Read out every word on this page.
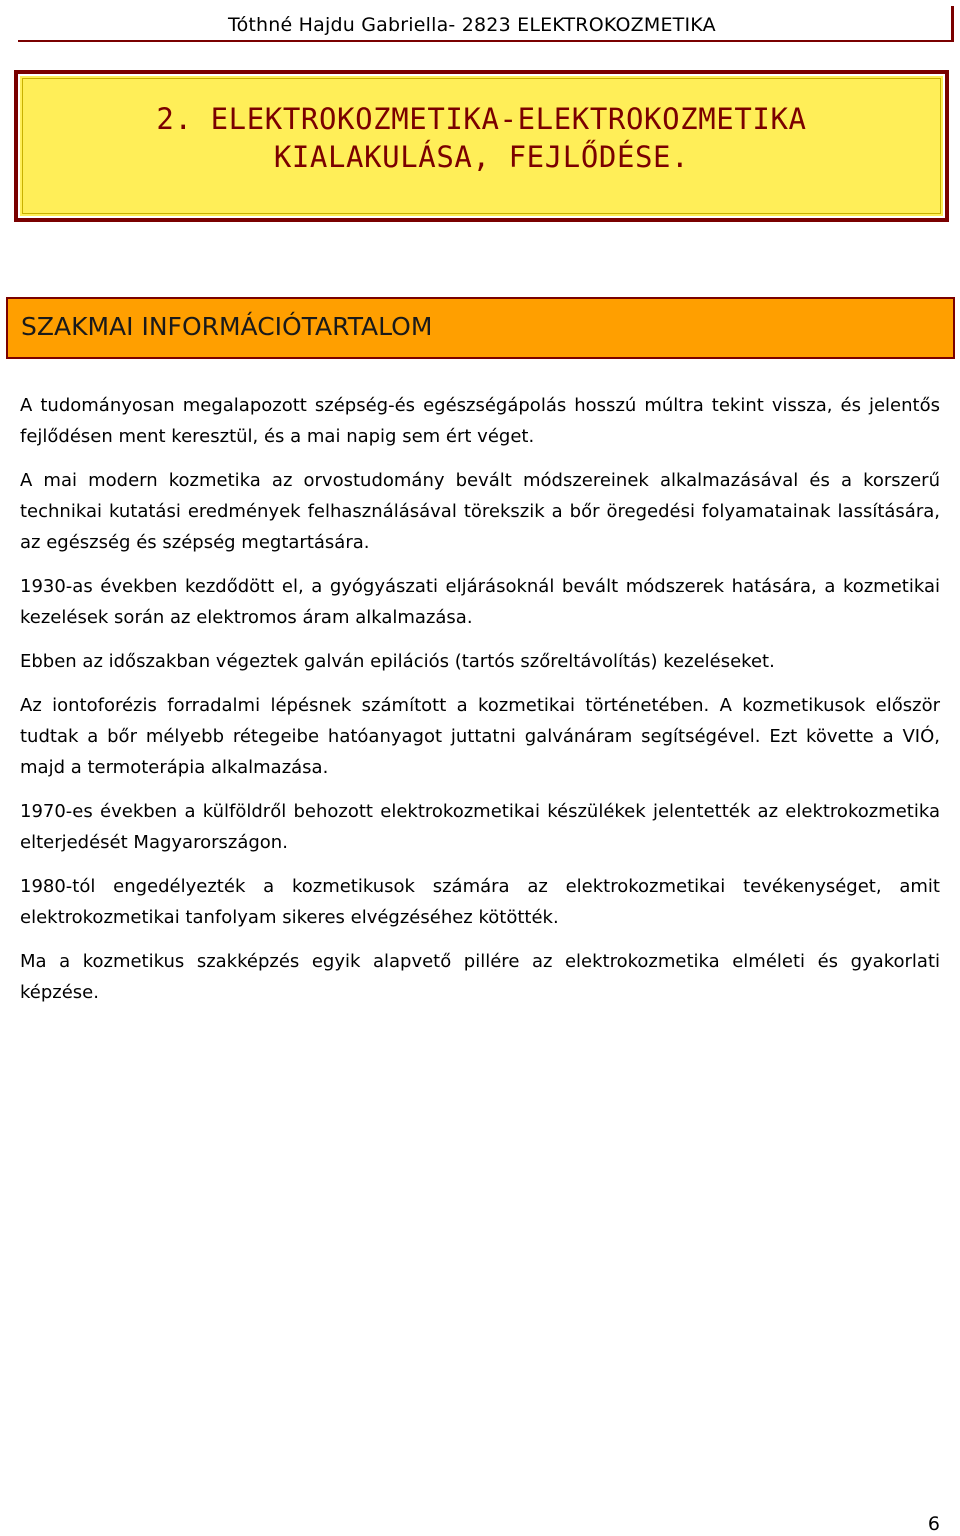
Tóthné Hajdu Gabriella- 2823 ELEKTROKOZMETIKA
2. ELEKTROKOZMETIKA-ELEKTROKOZMETIKA
KIALAKULÁSA, FEJLŐDÉSE.
SZAKMAI INFORMÁCIÓTARTALOM

A tudományosan megalapozott szépség-és egészségápolás hosszú múltra tekint vissza, és jelentős fejlődésen ment keresztül, és a mai napig sem ért véget.

A mai modern kozmetika az orvostudomány bevált módszereinek alkalmazásával és a korszerű technikai kutatási eredmények felhasználásával törekszik a bőr öregedési folyamatainak lassítására, az egészség és szépség megtartására.

1930-as években kezdődött el, a gyógyászati eljárásoknál bevált módszerek hatására, a kozmetikai kezelések során az elektromos áram alkalmazása.

Ebben az időszakban végeztek galván epilációs (tartós szőreltávolítás) kezeléseket.

Az iontoforézis forradalmi lépésnek számított a kozmetikai történetében. A kozmetikusok először tudtak a bőr mélyebb rétegeibe hatóanyagot juttatni galvánáram segítségével. Ezt követte a VIÓ, majd a termoterápia alkalmazása.

1970-es években a külföldről behozott elektrokozmetikai készülékek jelentették az elektrokozmetika elterjedését Magyarországon.

1980-tól engedélyezték a kozmetikusok számára az elektrokozmetikai tevékenységet, amit elektrokozmetikai tanfolyam sikeres elvégzéséhez kötötték.

Ma a kozmetikus szakképzés egyik alapvető pillére az elektrokozmetika elméleti és gyakorlati képzése.

6
